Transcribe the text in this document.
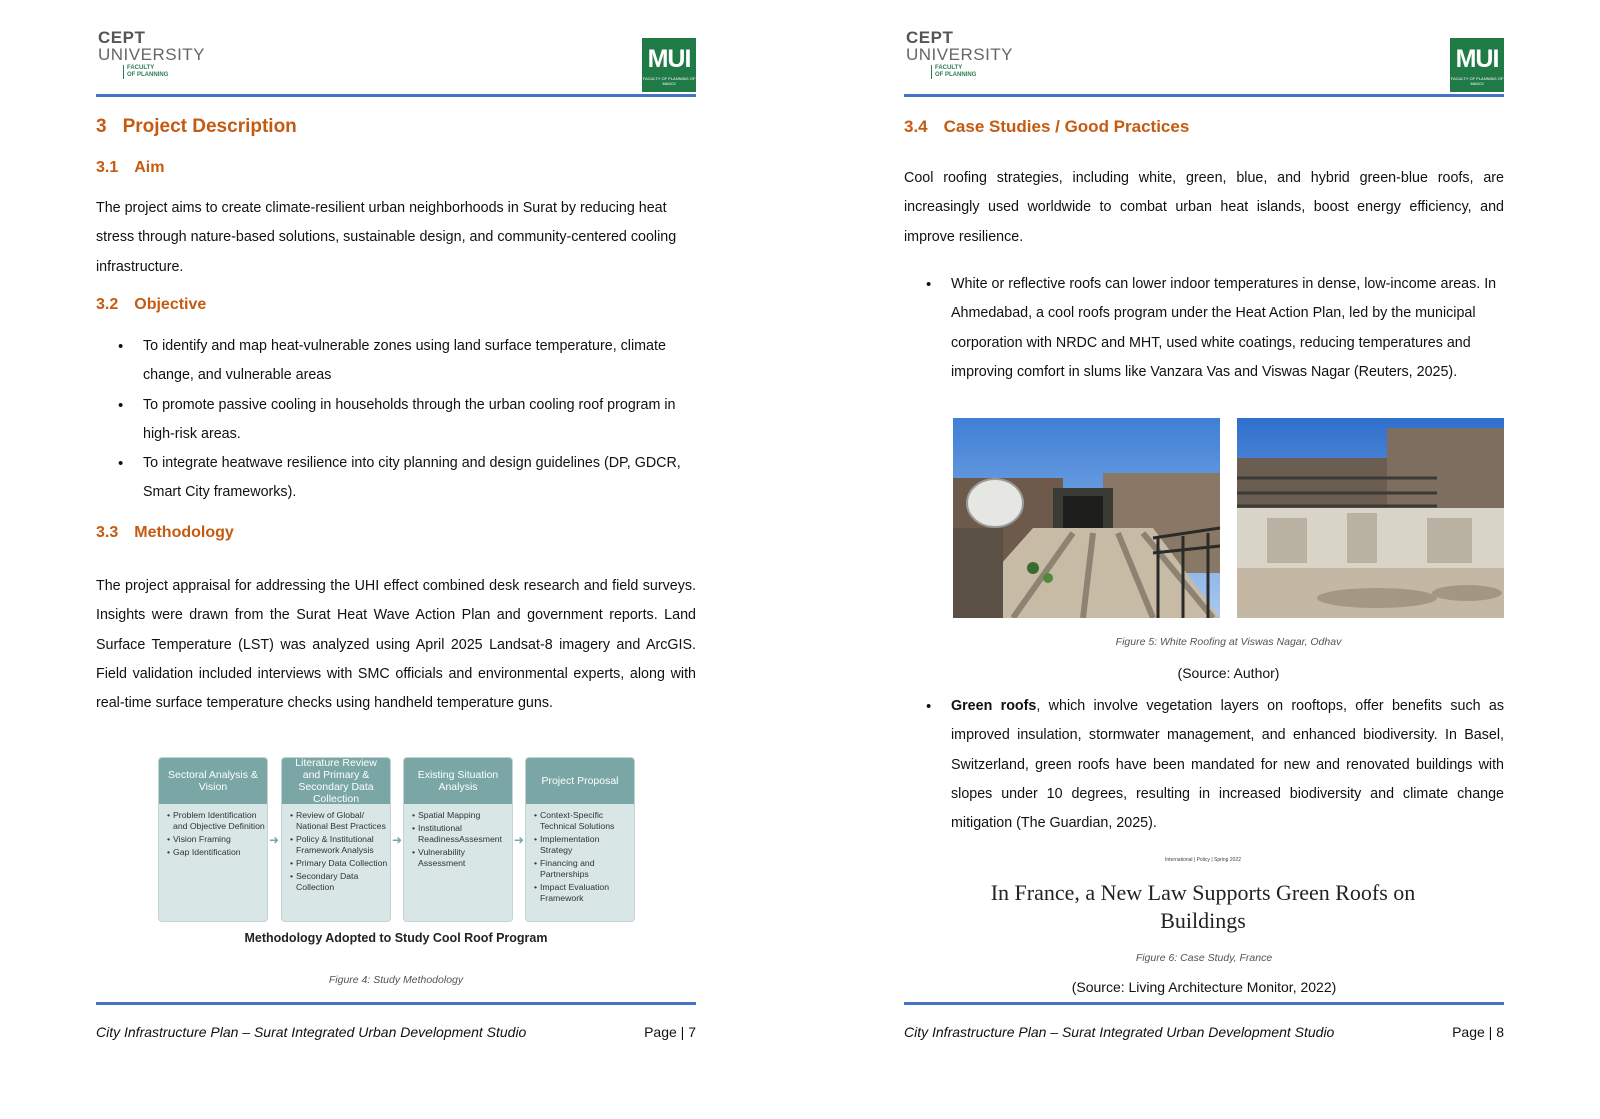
CEPT
UNIVERSITY
FACULTY
OF PLANNING
MUI
FACULTY OF PLANNING OF MADOI
3 Project Description
3.1 Aim

The project aims to create climate-resilient urban neighborhoods in Surat by reducing heat stress through nature-based solutions, sustainable design, and community-centered cooling infrastructure.

3.2 Objective
• To identify and map heat-vulnerable zones using land surface temperature, climate change, and vulnerable areas
• To promote passive cooling in households through the urban cooling roof program in high-risk areas.
• To integrate heatwave resilience into city planning and design guidelines (DP, GDCR, Smart City frameworks).
3.3 Methodology

The project appraisal for addressing the UHI effect combined desk research and field surveys. Insights were drawn from the Surat Heat Wave Action Plan and government reports. Land Surface Temperature (LST) was analyzed using April 2025 Landsat-8 imagery and ArcGIS. Field validation included interviews with SMC officials and environmental experts, along with real-time surface temperature checks using handheld temperature guns.

Sectoral Analysis & Vision
• Problem Identification and Objective Definition
• Vision Framing
• Gap Identification
➜
Literature Review and Primary & Secondary Data Collection
• Review of Global/ National Best Practices
• Policy & Institutional Framework Analysis
• Primary Data Collection
• Secondary Data Collection
➜
Existing Situation Analysis
• Spatial Mapping
• Institutional ReadinessAssesment
• Vulnerability Assessment
➜
Project Proposal
• Context-Specific Technical Solutions
• Implementation Strategy
• Financing and Partnerships
• Impact Evaluation Framework
Methodology Adopted to Study Cool Roof Program
Figure 4: Study Methodology
City Infrastructure Plan – Surat Integrated Urban Development Studio	Page | 7
CEPT
UNIVERSITY
FACULTY
OF PLANNING
MUI
FACULTY OF PLANNING OF MADOI
3.4 Case Studies / Good Practices

Cool roofing strategies, including white, green, blue, and hybrid green-blue roofs, are increasingly used worldwide to combat urban heat islands, boost energy efficiency, and improve resilience.

• White or reflective roofs can lower indoor temperatures in dense, low-income areas. In Ahmedabad, a cool roofs program under the Heat Action Plan, led by the municipal corporation with NRDC and MHT, used white coatings, reducing temperatures and improving comfort in slums like Vanzara Vas and Viswas Nagar (Reuters, 2025).
Figure 5: White Roofing at Viswas Nagar, Odhav
(Source: Author)
• Green roofs, which involve vegetation layers on rooftops, offer benefits such as improved insulation, stormwater management, and enhanced biodiversity. In Basel, Switzerland, green roofs have been mandated for new and renovated buildings with slopes under 10 degrees, resulting in increased biodiversity and climate change mitigation (The Guardian, 2025).
International | Policy | Spring 2022
In France, a New Law Supports Green Roofs on Buildings
Figure 6: Case Study, France
(Source: Living Architecture Monitor, 2022)
City Infrastructure Plan – Surat Integrated Urban Development Studio	Page | 8
